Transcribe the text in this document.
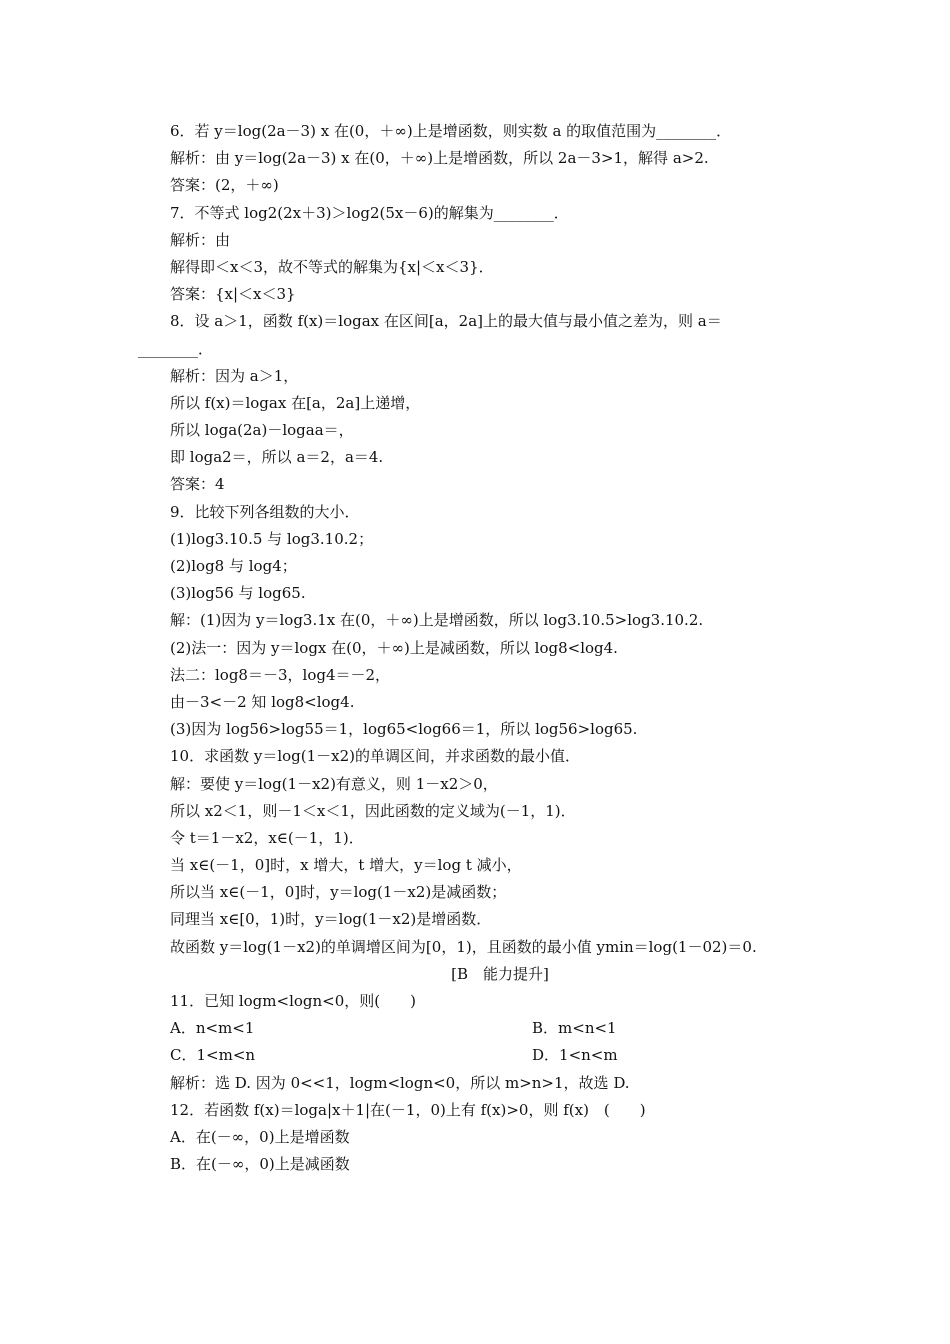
6．若 y＝log(2a－3) x 在(0，＋∞)上是增函数，则实数 a 的取值范围为________．
解析：由 y＝log(2a－3) x 在(0，＋∞)上是增函数，所以 2a－3>1，解得 a>2.
答案：(2，＋∞)
7．不等式 log2(2x＋3)＞log2(5x－6)的解集为________．
解析：由
解得即＜x＜3，故不等式的解集为{x|＜x＜3}．
答案：{x|＜x＜3}
8．设 a＞1，函数 f(x)＝logax 在区间[a，2a]上的最大值与最小值之差为，则 a＝
________．
解析：因为 a＞1，
所以 f(x)＝logax 在[a，2a]上递增，
所以 loga(2a)－logaa＝，
即 loga2＝，所以 a＝2，a＝4.
答案：4
9．比较下列各组数的大小．
(1)log3.10.5 与 log3.10.2；
(2)log8 与 log4；
(3)log56 与 log65.
解：(1)因为 y＝log3.1x 在(0，＋∞)上是增函数，所以 log3.10.5>log3.10.2.
(2)法一：因为 y＝logx 在(0，＋∞)上是减函数，所以 log8<log4.
法二：log8＝－3，log4＝－2，
由－3<－2 知 log8<log4.
(3)因为 log56>log55＝1，log65<log66＝1，所以 log56>log65.
10．求函数 y＝log(1－x2)的单调区间，并求函数的最小值．
解：要使 y＝log(1－x2)有意义，则 1－x2＞0，
所以 x2＜1，则－1＜x＜1，因此函数的定义域为(－1，1)．
令 t＝1－x2，x∈(－1，1)．
当 x∈(－1，0]时，x 增大，t 增大，y＝log t 减小，
所以当 x∈(－1，0]时，y＝log(1－x2)是减函数；
同理当 x∈[0，1)时，y＝log(1－x2)是增函数．
故函数 y＝log(1－x2)的单调增区间为[0，1)，且函数的最小值 ymin＝log(1－02)＝0.
[B　能力提升]
11．已知 logm<logn<0，则(　　)
A．n<m<1	B．m<n<1
C．1<m<n	D．1<n<m
解析：选 D. 因为 0<<1，logm<logn<0，所以 m>n>1，故选 D.
12．若函数 f(x)＝loga|x＋1|在(－1，0)上有 f(x)>0，则 f(x)　(　　)
A．在(－∞，0)上是增函数
B．在(－∞，0)上是减函数
